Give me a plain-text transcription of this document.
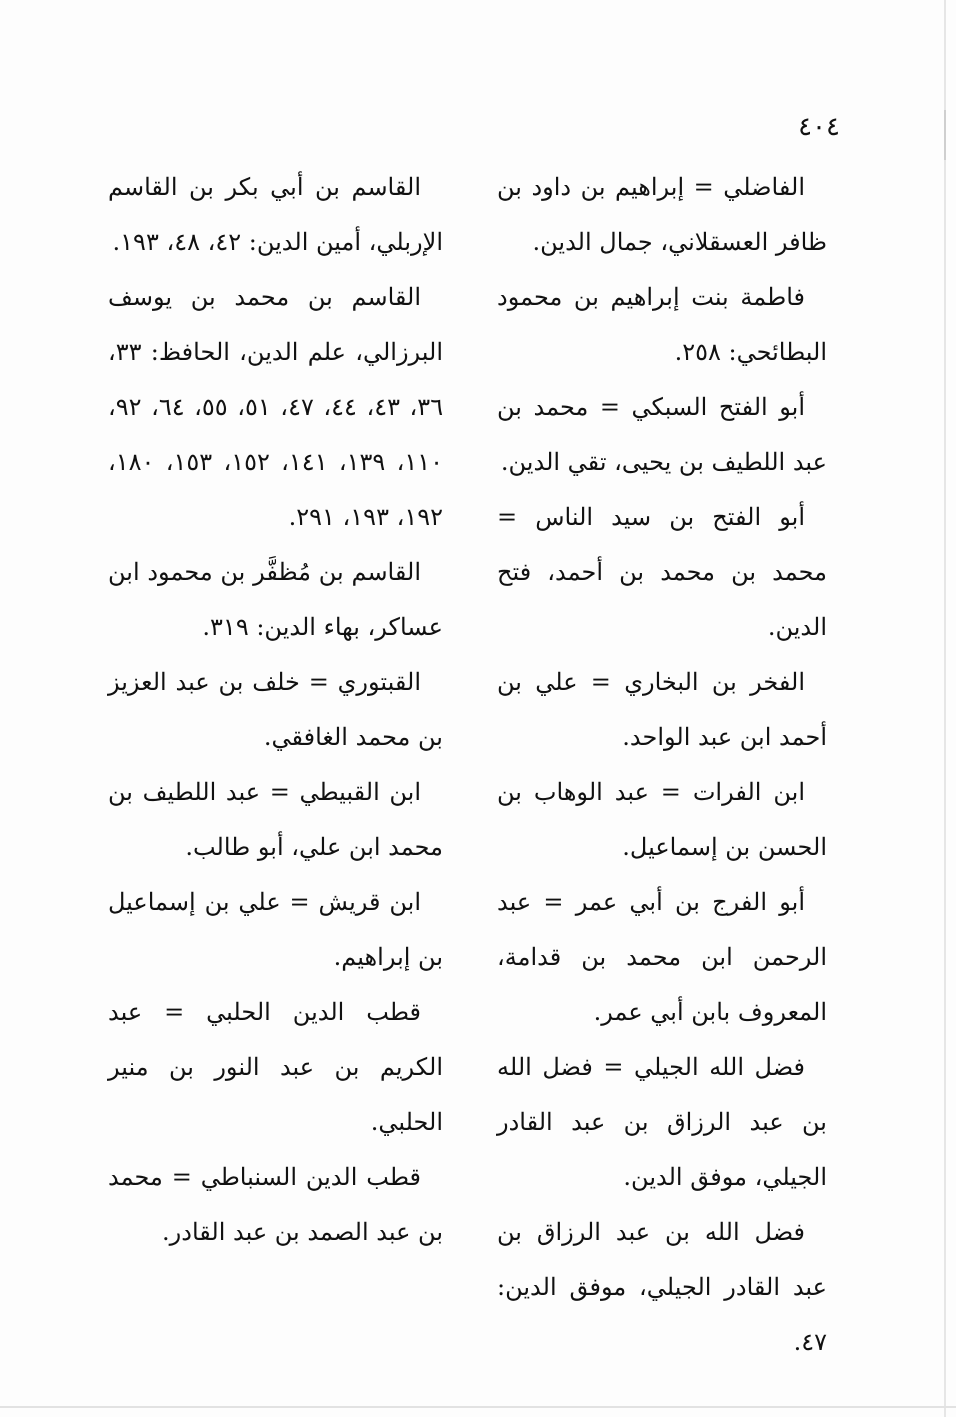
٤٠٤

الفاضلي = إبراهيم بن داود بن ظافر العسقلاني، جمال الدين.

فاطمة بنت إبراهيم بن محمود البطائحي: ٢٥٨.

أبو الفتح السبكي = محمد بن عبد اللطيف بن يحيى، تقي الدين.

أبو الفتح بن سيد الناس = محمد بن محمد بن أحمد، فتح الدين.

الفخر بن البخاري = علي بن أحمد ابن عبد الواحد.

ابن الفرات = عبد الوهاب بن الحسن بن إسماعيل.

أبو الفرج بن أبي عمر = عبد الرحمن ابن محمد بن قدامة، المعروف بابن أبي عمر.

فضل الله الجيلي = فضل الله بن عبد الرزاق بن عبد القادر الجيلي، موفق الدين.

فضل الله بن عبد الرزاق بن عبد القادر الجيلي، موفق الدين: ٤٧.

القاسم بن أبي بكر بن القاسم الإربلي، أمين الدين: ٤٢، ٤٨، ١٩٣.

القاسم بن محمد بن يوسف البرزالي، علم الدين، الحافظ: ٣٣، ٣٦، ٤٣، ٤٤، ٤٧، ٥١، ٥٥، ٦٤، ٩٢، ١١٠، ١٣٩، ١٤١، ١٥٢، ١٥٣، ١٨٠، ١٩٢، ١٩٣، ٢٩١.

القاسم بن مُظفَّر بن محمود ابن عساكر، بهاء الدين: ٣١٩.

القبتوري = خلف بن عبد العزيز بن محمد الغافقي.

ابن القبيطي = عبد اللطيف بن محمد ابن علي، أبو طالب.

ابن قريش = علي بن إسماعيل بن إبراهيم.

قطب الدين الحلبي = عبد الكريم بن عبد النور بن منير الحلبي.

قطب الدين السنباطي = محمد بن عبد الصمد بن عبد القادر.
